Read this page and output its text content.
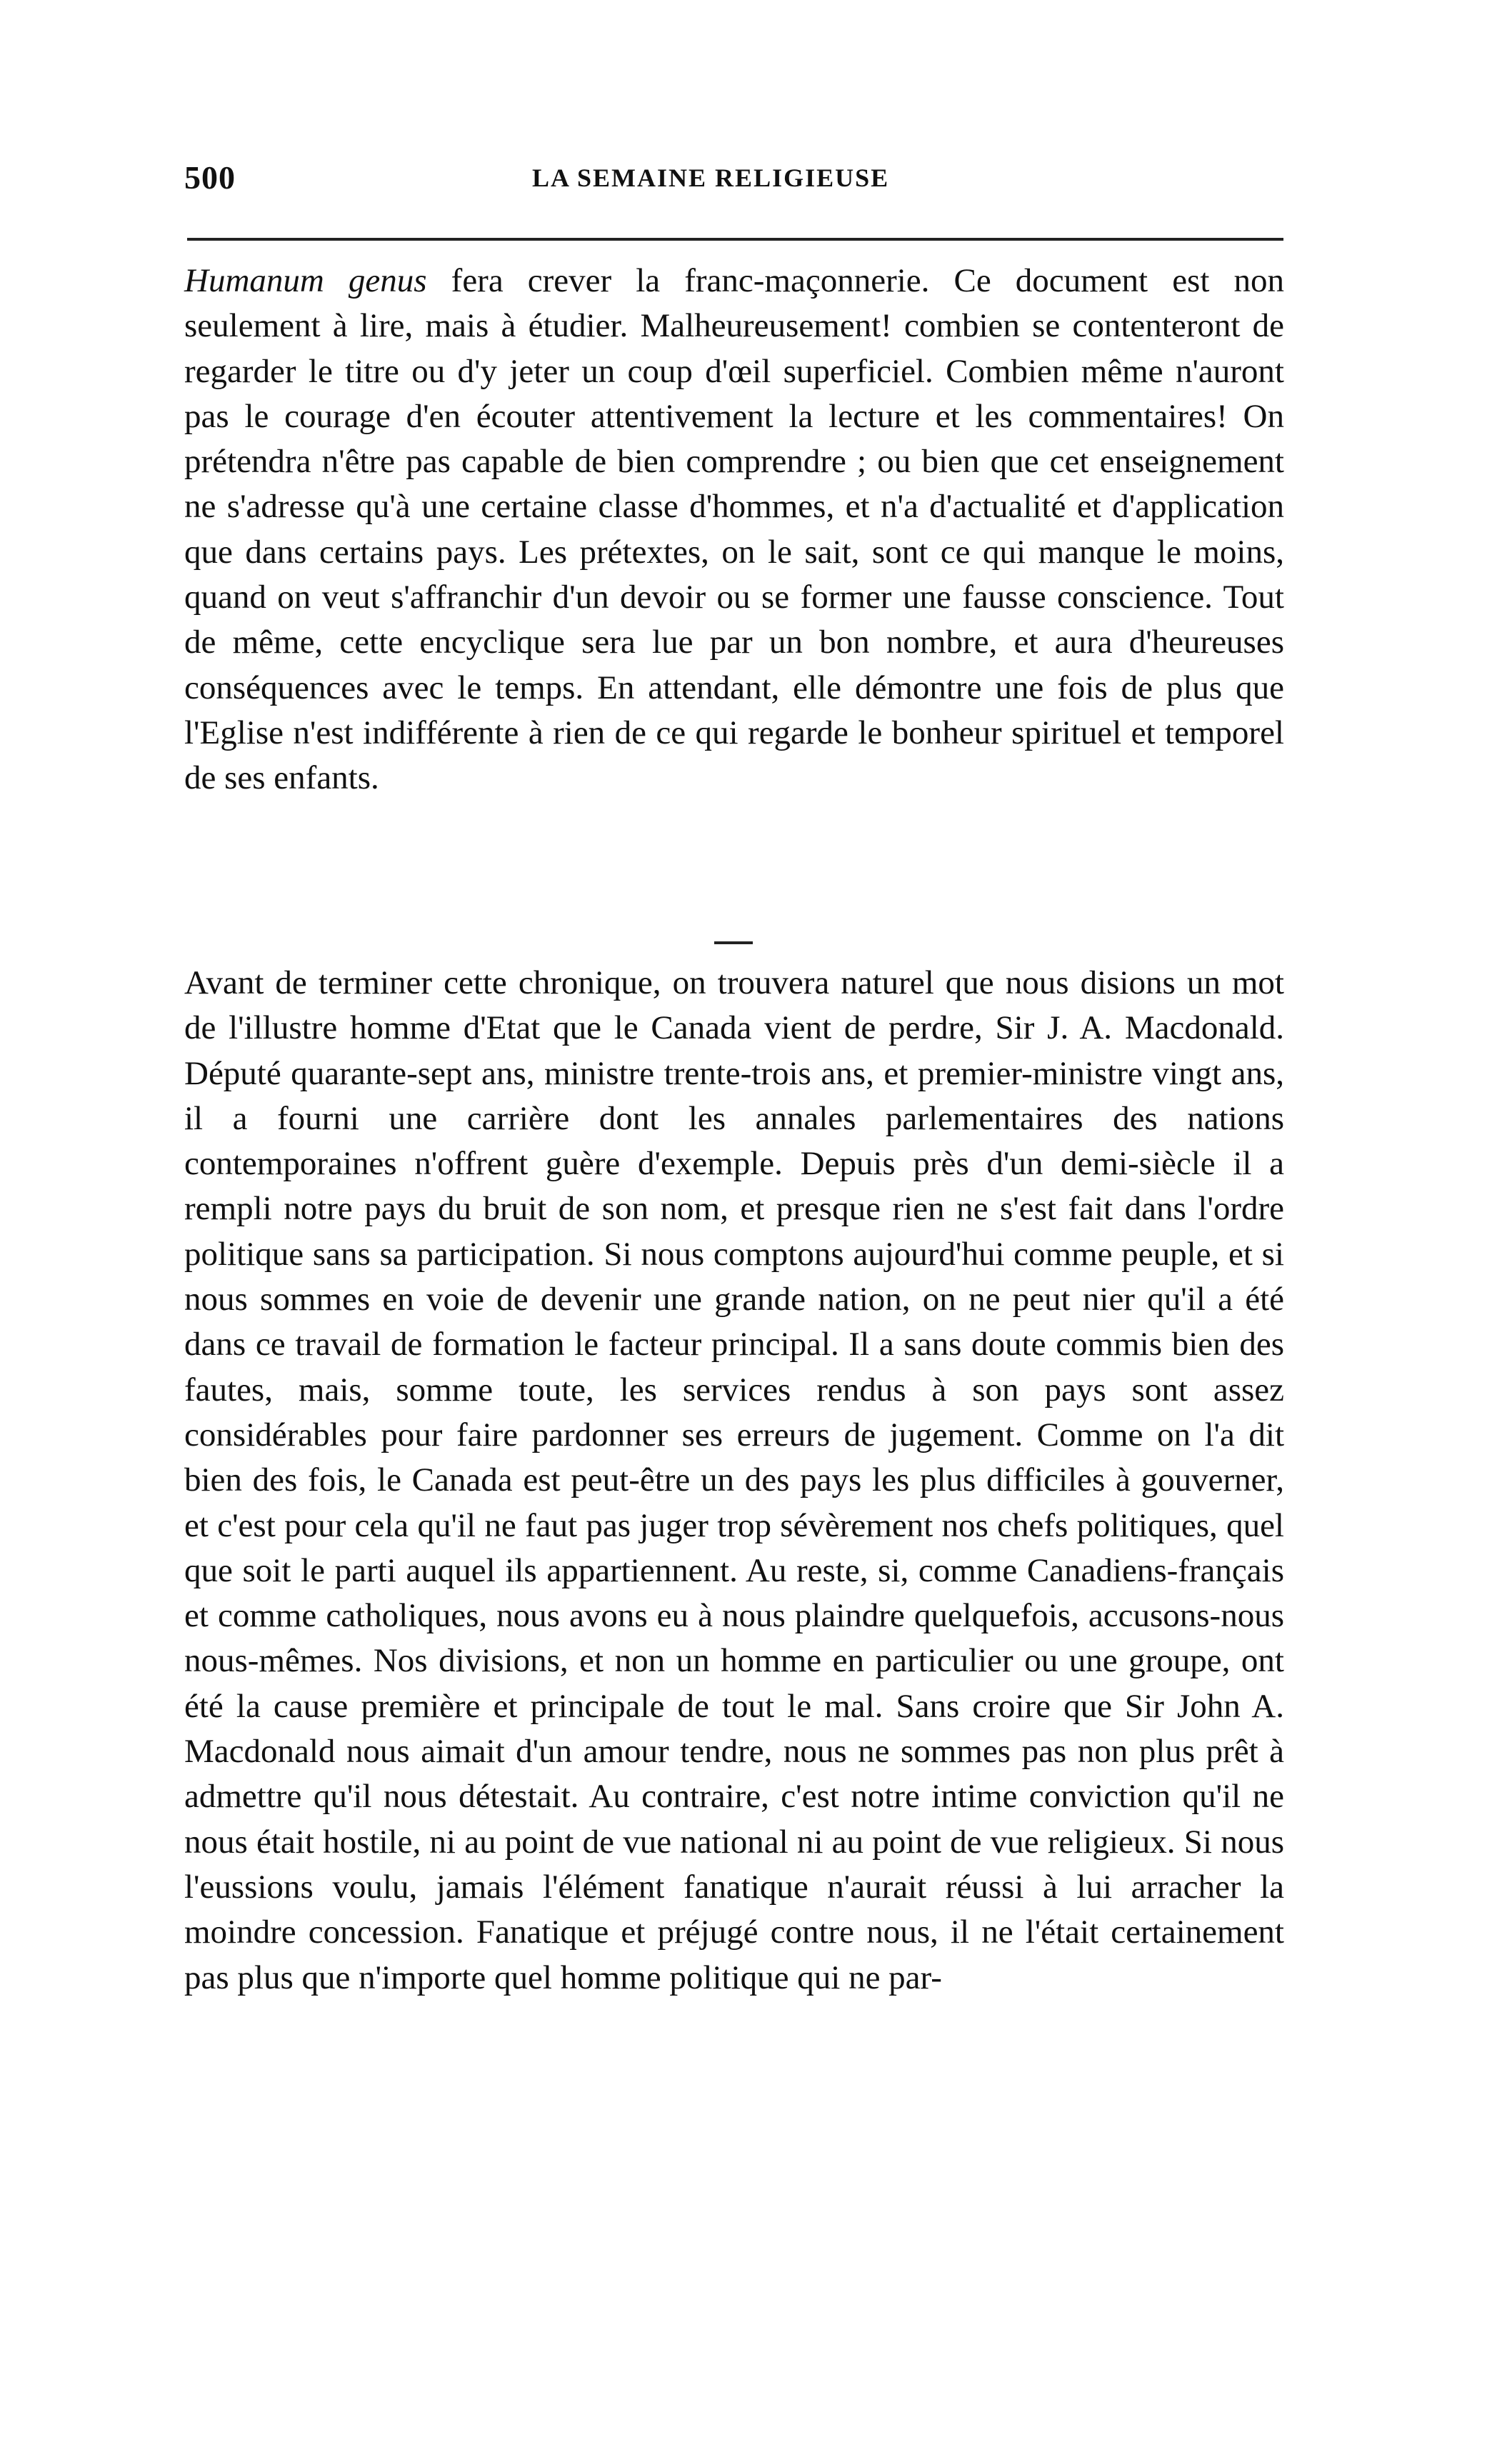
500	LA SEMAINE RELIGIEUSE

Humanum genus fera crever la franc-maçonnerie. Ce document est non seulement à lire, mais à étudier. Malheureusement! combien se contenteront de regarder le titre ou d'y jeter un coup d'œil superficiel. Combien même n'auront pas le courage d'en écouter attentivement la lecture et les commentaires! On prétendra n'être pas capable de bien comprendre ; ou bien que cet enseignement ne s'adresse qu'à une certaine classe d'hommes, et n'a d'actualité et d'application que dans certains pays. Les prétextes, on le sait, sont ce qui manque le moins, quand on veut s'affranchir d'un devoir ou se former une fausse conscience. Tout de même, cette encyclique sera lue par un bon nombre, et aura d'heureuses conséquences avec le temps. En attendant, elle démontre une fois de plus que l'Eglise n'est indifférente à rien de ce qui regarde le bonheur spirituel et temporel de ses enfants.

Avant de terminer cette chronique, on trouvera naturel que nous disions un mot de l'illustre homme d'Etat que le Canada vient de perdre, Sir J. A. Macdonald. Député quarante-sept ans, ministre trente-trois ans, et premier-ministre vingt ans, il a fourni une carrière dont les annales parlementaires des nations contemporaines n'offrent guère d'exemple. Depuis près d'un demi-siècle il a rempli notre pays du bruit de son nom, et presque rien ne s'est fait dans l'ordre politique sans sa participation. Si nous comptons aujourd'hui comme peuple, et si nous sommes en voie de devenir une grande nation, on ne peut nier qu'il a été dans ce travail de formation le facteur principal. Il a sans doute commis bien des fautes, mais, somme toute, les services rendus à son pays sont assez considérables pour faire pardonner ses erreurs de jugement. Comme on l'a dit bien des fois, le Canada est peut-être un des pays les plus difficiles à gouverner, et c'est pour cela qu'il ne faut pas juger trop sévèrement nos chefs politiques, quel que soit le parti auquel ils appartiennent. Au reste, si, comme Canadiens-français et comme catholiques, nous avons eu à nous plaindre quelquefois, accusons-nous nous-mêmes. Nos divisions, et non un homme en particulier ou une groupe, ont été la cause première et principale de tout le mal. Sans croire que Sir John A. Macdonald nous aimait d'un amour tendre, nous ne sommes pas non plus prêt à admettre qu'il nous détestait. Au contraire, c'est notre intime conviction qu'il ne nous était hostile, ni au point de vue national ni au point de vue religieux. Si nous l'eussions voulu, jamais l'élément fanatique n'aurait réussi à lui arracher la moindre concession. Fanatique et préjugé contre nous, il ne l'était certainement pas plus que n'importe quel homme politique qui ne par-
